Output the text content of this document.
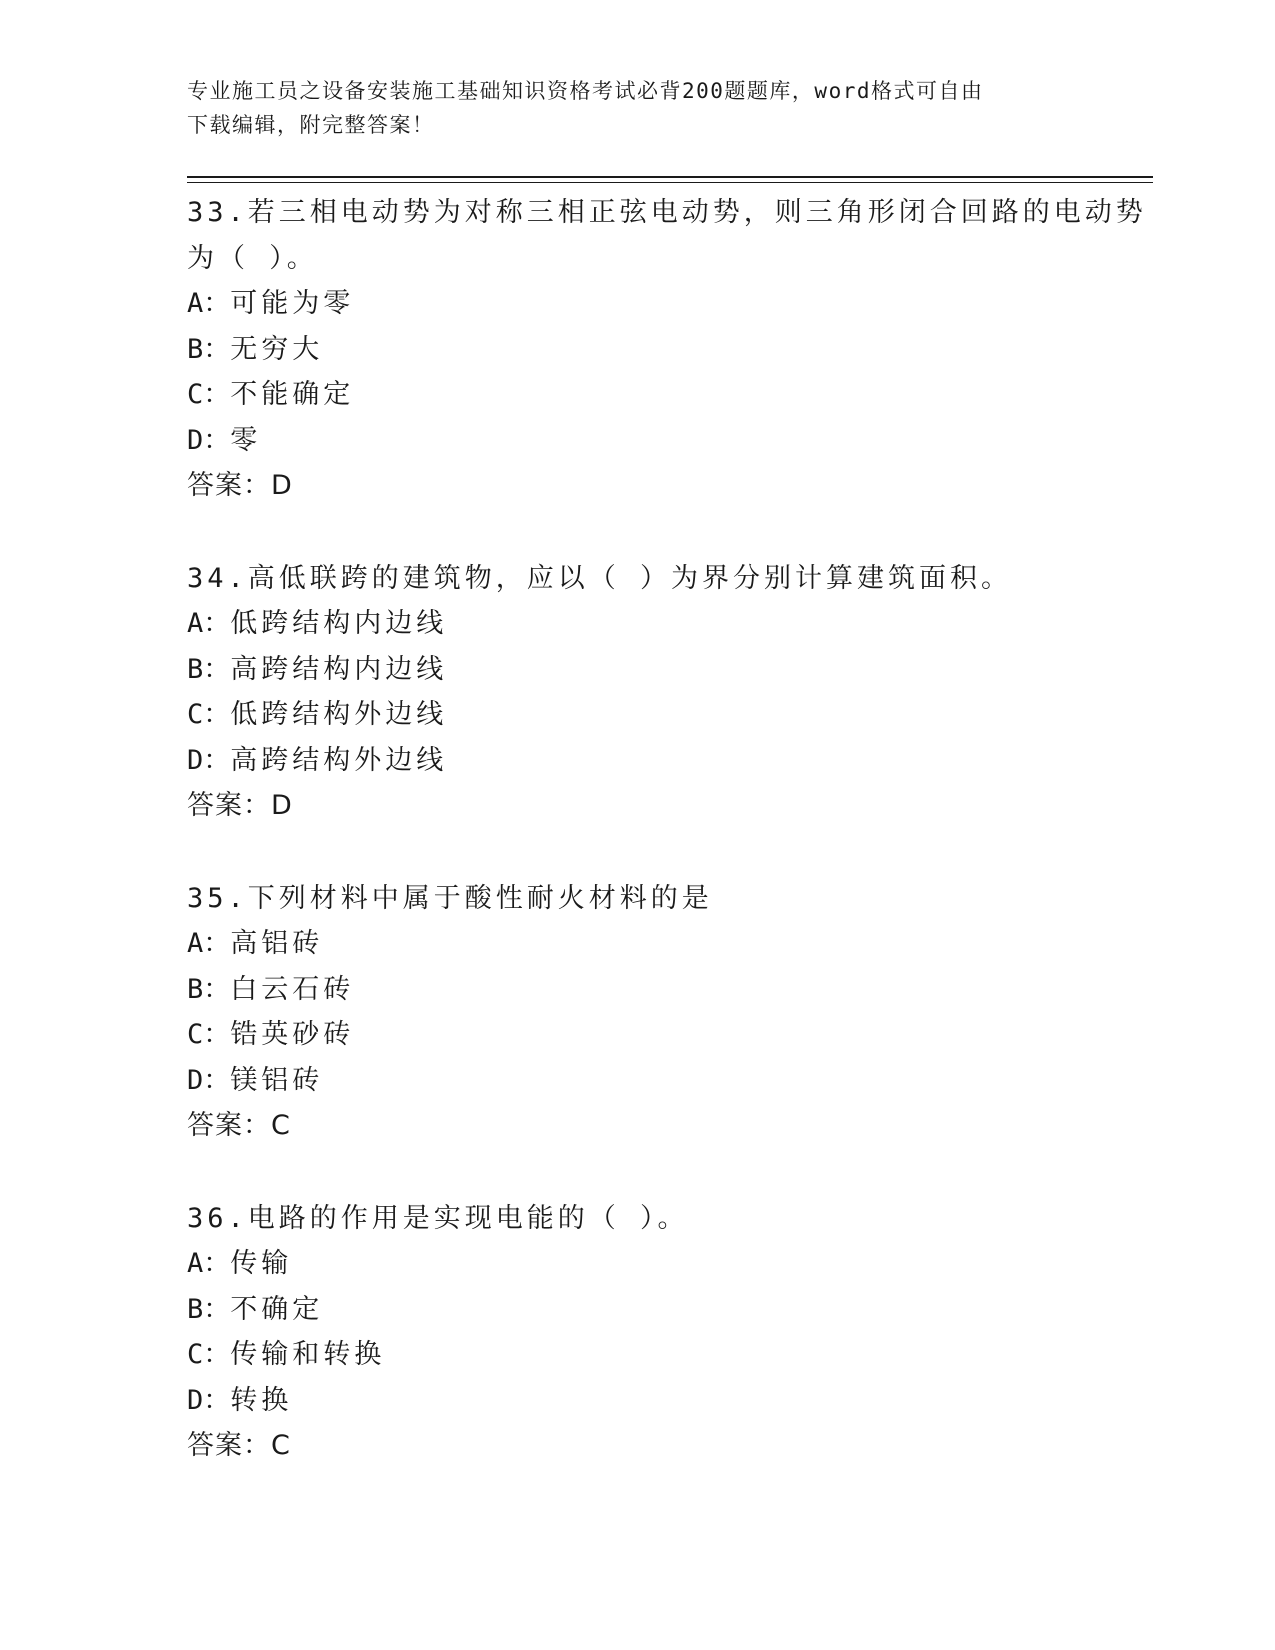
专业施工员之设备安装施工基础知识资格考试必背200题题库，word格式可自由
下载编辑，附完整答案！
33.若三相电动势为对称三相正弦电动势，则三角形闭合回路的电动势
为（ ）。
A：可能为零
B：无穷大
C：不能确定
D：零
答案：D
34.高低联跨的建筑物，应以（ ）为界分别计算建筑面积。
A：低跨结构内边线
B：高跨结构内边线
C：低跨结构外边线
D：高跨结构外边线
答案：D
35.下列材料中属于酸性耐火材料的是
A：高铝砖
B：白云石砖
C：锆英砂砖
D：镁铝砖
答案：C
36.电路的作用是实现电能的（ ）。
A：传输
B：不确定
C：传输和转换
D：转换
答案：C
